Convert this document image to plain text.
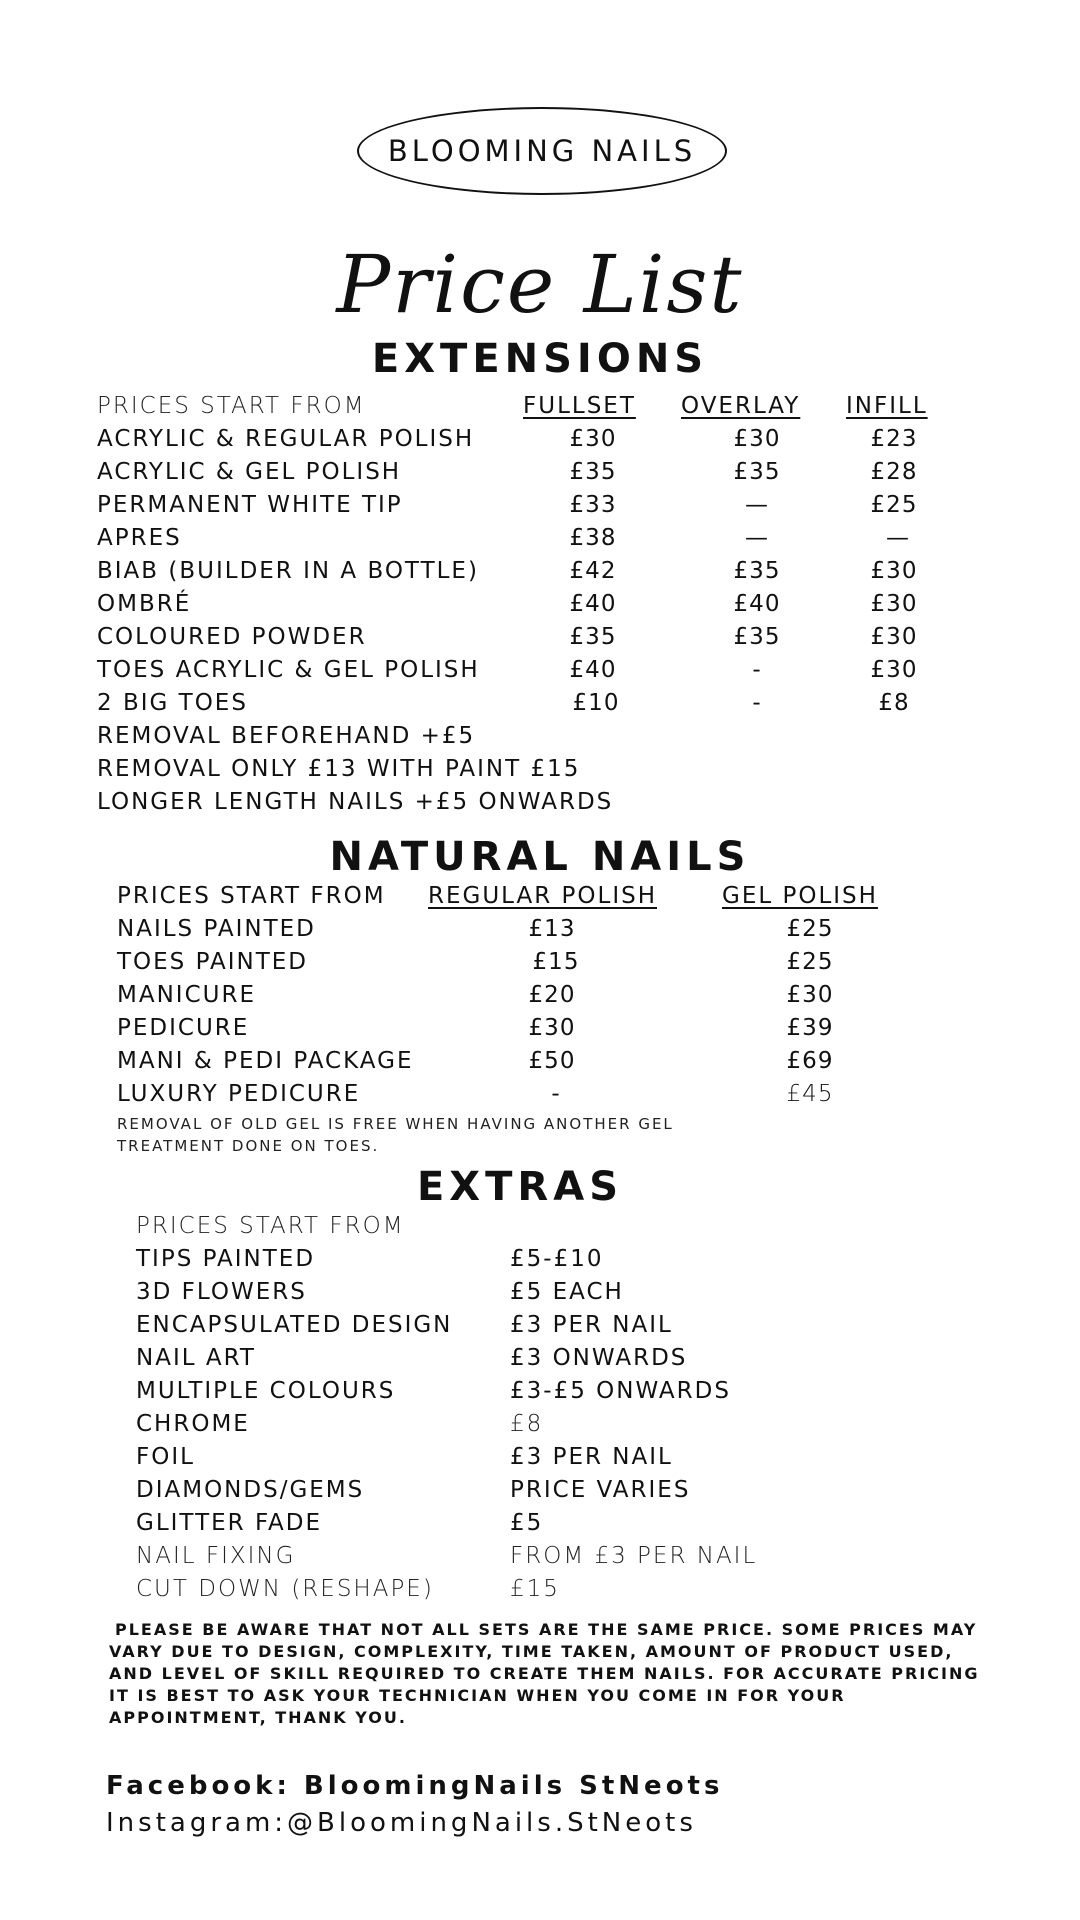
BLOOMING NAILS
Price List
EXTENSIONS
PRICES START FROM	FULLSET OVERLAY INFILL
ACRYLIC & REGULAR POLISH	£30	£30	£23
ACRYLIC & GEL POLISH	£35	£35	£28
PERMANENT WHITE TIP	£33	—	£25
APRES	£38	—	—
BIAB (BUILDER IN A BOTTLE)	£42	£35	£30
OMBRÉ	£40	£40	£30
COLOURED POWDER	£35	£35	£30
TOES ACRYLIC & GEL POLISH	£40	-	£30
2 BIG TOES	£10	-	£8
REMOVAL BEFOREHAND +£5
REMOVAL ONLY £13 WITH PAINT £15
LONGER LENGTH NAILS +£5 ONWARDS
NATURAL NAILS
PRICES START FROM REGULAR POLISH	GEL POLISH
NAILS PAINTED	£13	£25
TOES PAINTED	£15	£25
MANICURE	£20	£30
PEDICURE	£30	£39
MANI & PEDI PACKAGE	£50	£69
LUXURY PEDICURE	-	£45
REMOVAL OF OLD GEL IS FREE WHEN HAVING ANOTHER GEL
TREATMENT DONE ON TOES.
EXTRAS
PRICES START FROM
TIPS PAINTED	£5-£10
3D FLOWERS	£5 EACH
ENCAPSULATED DESIGN	£3 PER NAIL
NAIL ART	£3 ONWARDS
MULTIPLE COLOURS	£3-£5 ONWARDS
CHROME	£8
FOIL	£3 PER NAIL
DIAMONDS/GEMS	PRICE VARIES
GLITTER FADE	£5
NAIL FIXING	FROM £3 PER NAIL
CUT DOWN (RESHAPE)	£15
PLEASE BE AWARE THAT NOT ALL SETS ARE THE SAME PRICE. SOME PRICES MAY
VARY DUE TO DESIGN, COMPLEXITY, TIME TAKEN, AMOUNT OF PRODUCT USED,
AND LEVEL OF SKILL REQUIRED TO CREATE THEM NAILS. FOR ACCURATE PRICING
IT IS BEST TO ASK YOUR TECHNICIAN WHEN YOU COME IN FOR YOUR
APPOINTMENT, THANK YOU.
Facebook: BloomingNails StNeots
Instagram:@BloomingNails.StNeots
